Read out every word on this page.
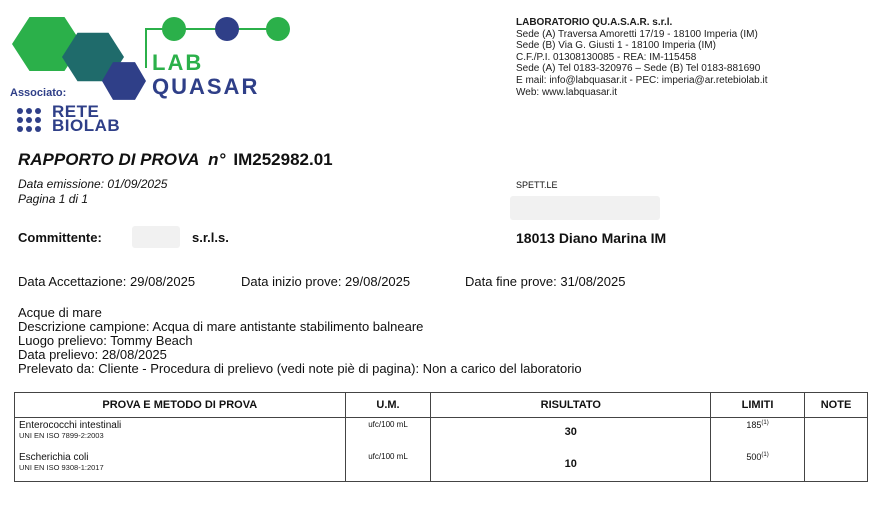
LAB
QUASAR
Associato:
RETE
BIOLAB
LABORATORIO QU.A.S.A.R. s.r.l.
Sede (A) Traversa Amoretti 17/19 - 18100 Imperia (IM)
Sede (B) Via G. Giusti 1 - 18100 Imperia (IM)
C.F./P.I. 01308130085 - REA: IM-115458
Sede (A) Tel 0183-320976 – Sede (B) Tel 0183-881690
E mail: info@labquasar.it - PEC: imperia@ar.retebiolab.it
Web: www.labquasar.it
RAPPORTO DI PROVA  n° IM252982.01
Data emissione: 01/09/2025
Pagina 1 di 1
SPETT.LE
Committente:	s.r.l.s.	18013 Diano Marina IM
Data Accettazione: 29/08/2025	Data inizio prove: 29/08/2025	Data fine prove: 31/08/2025
Acque di mare
Descrizione campione: Acqua di mare antistante stabilimento balneare
Luogo prelievo: Tommy Beach
Data prelievo: 28/08/2025
Prelevato da: Cliente - Procedura di prelievo (vedi note piè di pagina): Non a carico del laboratorio
PROVA E METODO DI PROVA	U.M.	RISULTATO	LIMITI	NOTE

Enterococchi intestinali
UNI EN ISO 7899-2:2003	ufc/100 mL	30	185$^{(1)}$	

Escherichia coli
UNI EN ISO 9308-1:2017	ufc/100 mL	10	500$^{(1)}$	
